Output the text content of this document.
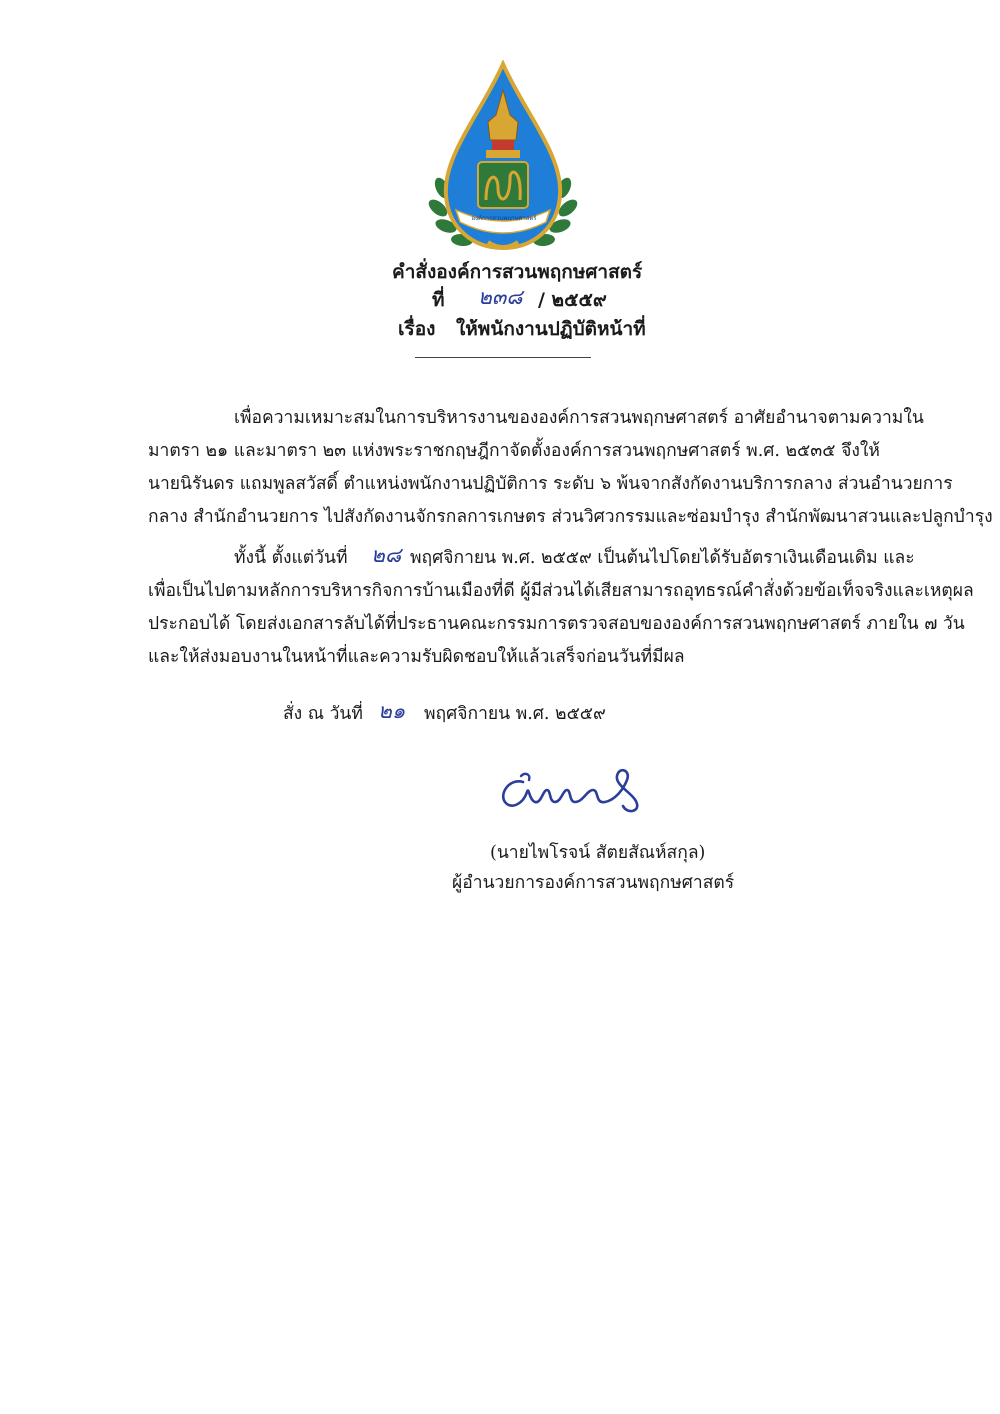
องค์การสวนพฤกษศาสตร์
คำสั่งองค์การสวนพฤกษศาสตร์
ที่ ๒๓๘ / ๒๕๕๙
เรื่อง ให้พนักงานปฏิบัติหน้าที่
เพื่อความเหมาะสมในการบริหารงานขององค์การสวนพฤกษศาสตร์ อาศัยอำนาจตามความใน
มาตรา ๒๑ และมาตรา ๒๓ แห่งพระราชกฤษฎีกาจัดตั้งองค์การสวนพฤกษศาสตร์ พ.ศ. ๒๕๓๕ จึงให้
นายนิรันดร แถมพูลสวัสดิ์ ตำแหน่งพนักงานปฏิบัติการ ระดับ ๖ พ้นจากสังกัดงานบริการกลาง ส่วนอำนวยการ
กลาง สำนักอำนวยการ ไปสังกัดงานจักรกลการเกษตร ส่วนวิศวกรรมและซ่อมบำรุง สำนักพัฒนาสวนและปลูกบำรุง
ทั้งนี้ ตั้งแต่วันที่ ๒๘ พฤศจิกายน พ.ศ. ๒๕๕๙ เป็นต้นไปโดยได้รับอัตราเงินเดือนเดิม และ
เพื่อเป็นไปตามหลักการบริหารกิจการบ้านเมืองที่ดี ผู้มีส่วนได้เสียสามารถอุทธรณ์คำสั่งด้วยข้อเท็จจริงและเหตุผล
ประกอบได้ โดยส่งเอกสารลับได้ที่ประธานคณะกรรมการตรวจสอบขององค์การสวนพฤกษศาสตร์ ภายใน ๗ วัน
และให้ส่งมอบงานในหน้าที่และความรับผิดชอบให้แล้วเสร็จก่อนวันที่มีผล
สั่ง ณ วันที่ ๒๑ พฤศจิกายน พ.ศ. ๒๕๕๙
(นายไพโรจน์ สัตยสัณห์สกุล)
ผู้อำนวยการองค์การสวนพฤกษศาสตร์
